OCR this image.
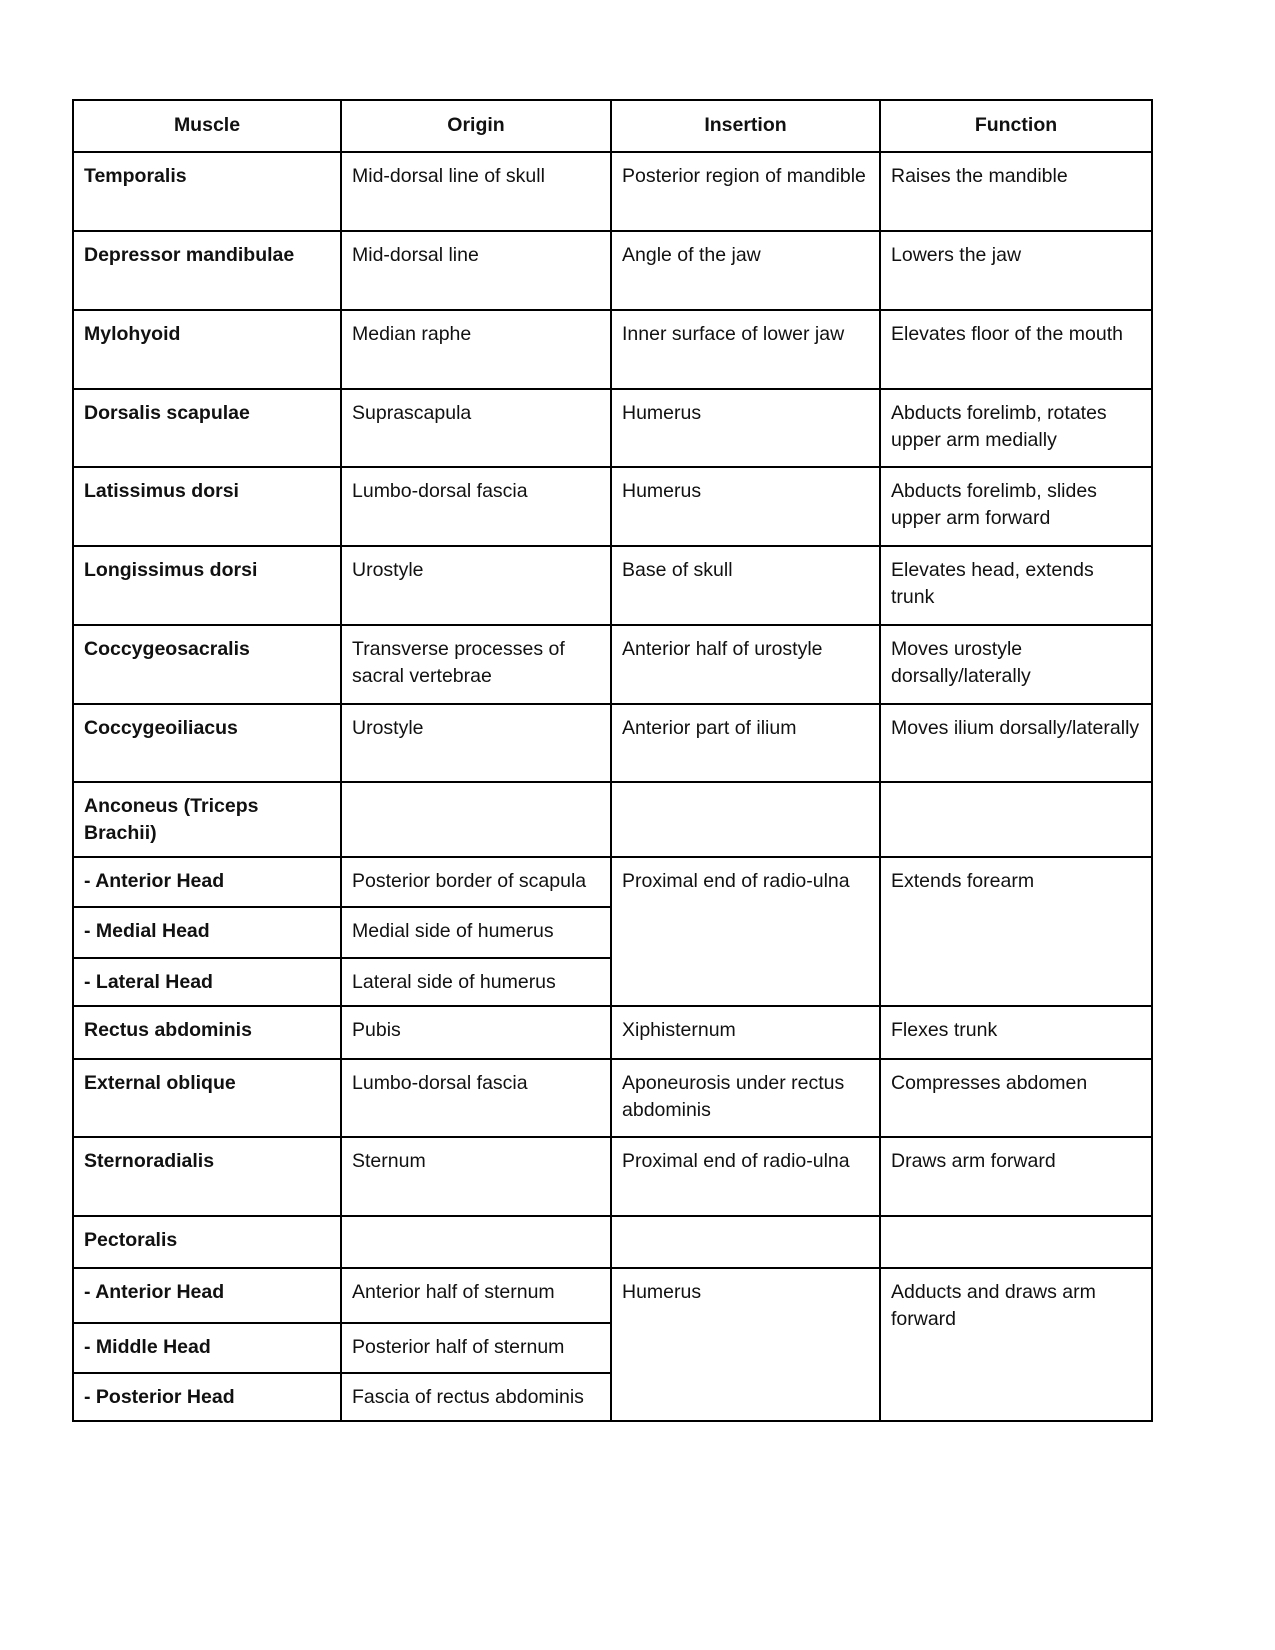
Muscle	Origin	Insertion	Function
Temporalis	Mid-dorsal line of skull	Posterior region of mandible	Raises the mandible
Depressor mandibulae	Mid-dorsal line	Angle of the jaw	Lowers the jaw
Mylohyoid	Median raphe	Inner surface of lower jaw	Elevates floor of the mouth
Dorsalis scapulae	Suprascapula	Humerus	Abducts forelimb, rotates upper arm medially
Latissimus dorsi	Lumbo-dorsal fascia	Humerus	Abducts forelimb, slides upper arm forward
Longissimus dorsi	Urostyle	Base of skull	Elevates head, extends trunk
Coccygeosacralis	Transverse processes of sacral vertebrae	Anterior half of urostyle	Moves urostyle dorsally/laterally
Coccygeoiliacus	Urostyle	Anterior part of ilium	Moves ilium dorsally/laterally
Anconeus (Triceps Brachii)			
- Anterior Head	Posterior border of scapula	Proximal end of radio-ulna	Extends forearm
- Medial Head	Medial side of humerus		
- Lateral Head	Lateral side of humerus		
Rectus abdominis	Pubis	Xiphisternum	Flexes trunk
External oblique	Lumbo-dorsal fascia	Aponeurosis under rectus abdominis	Compresses abdomen
Sternoradialis	Sternum	Proximal end of radio-ulna	Draws arm forward
Pectoralis			
- Anterior Head	Anterior half of sternum	Humerus	Adducts and draws arm forward
- Middle Head	Posterior half of sternum		
- Posterior Head	Fascia of rectus abdominis		
